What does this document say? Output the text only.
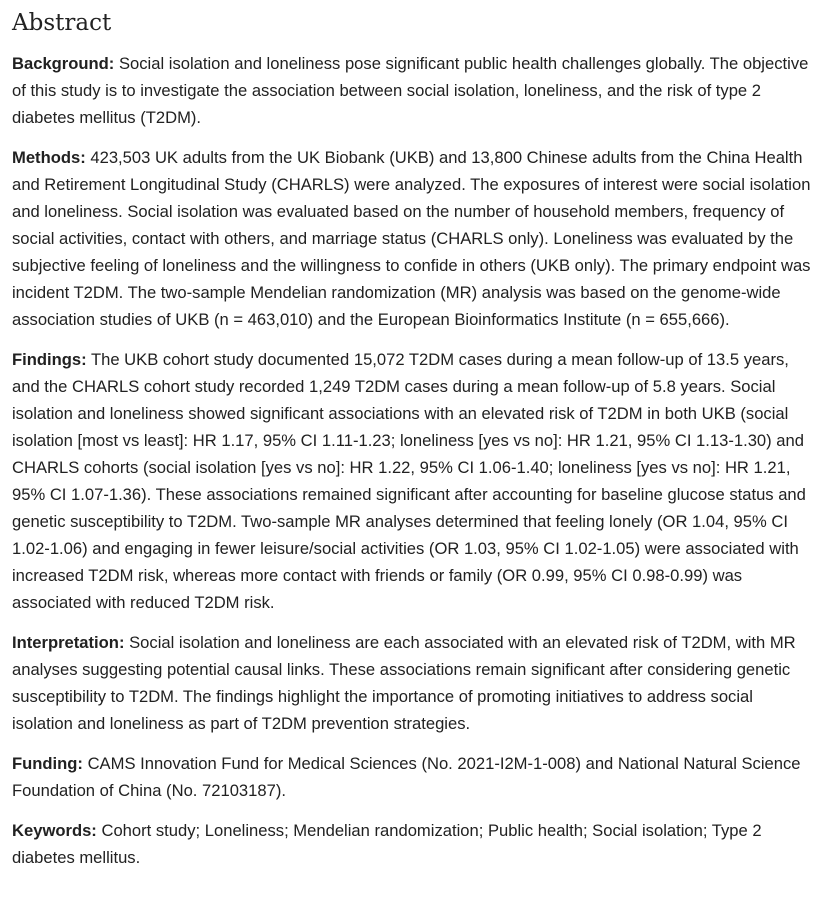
Abstract

Background: Social isolation and loneliness pose significant public health challenges globally. The objective of this study is to investigate the association between social isolation, loneliness, and the risk of type 2 diabetes mellitus (T2DM).

Methods: 423,503 UK adults from the UK Biobank (UKB) and 13,800 Chinese adults from the China Health and Retirement Longitudinal Study (CHARLS) were analyzed. The exposures of interest were social isolation and loneliness. Social isolation was evaluated based on the number of household members, frequency of social activities, contact with others, and marriage status (CHARLS only). Loneliness was evaluated by the subjective feeling of loneliness and the willingness to confide in others (UKB only). The primary endpoint was incident T2DM. The two-sample Mendelian randomization (MR) analysis was based on the genome-wide association studies of UKB (n = 463,010) and the European Bioinformatics Institute (n = 655,666).

Findings: The UKB cohort study documented 15,072 T2DM cases during a mean follow-up of 13.5 years, and the CHARLS cohort study recorded 1,249 T2DM cases during a mean follow-up of 5.8 years. Social isolation and loneliness showed significant associations with an elevated risk of T2DM in both UKB (social isolation [most vs least]: HR 1.17, 95% CI 1.11-1.23; loneliness [yes vs no]: HR 1.21, 95% CI 1.13-1.30) and CHARLS cohorts (social isolation [yes vs no]: HR 1.22, 95% CI 1.06-1.40; loneliness [yes vs no]: HR 1.21, 95% CI 1.07-1.36). These associations remained significant after accounting for baseline glucose status and genetic susceptibility to T2DM. Two-sample MR analyses determined that feeling lonely (OR 1.04, 95% CI 1.02-1.06) and engaging in fewer leisure/social activities (OR 1.03, 95% CI 1.02-1.05) were associated with increased T2DM risk, whereas more contact with friends or family (OR 0.99, 95% CI 0.98-0.99) was associated with reduced T2DM risk.

Interpretation: Social isolation and loneliness are each associated with an elevated risk of T2DM, with MR analyses suggesting potential causal links. These associations remain significant after considering genetic susceptibility to T2DM. The findings highlight the importance of promoting initiatives to address social isolation and loneliness as part of T2DM prevention strategies.

Funding: CAMS Innovation Fund for Medical Sciences (No. 2021-I2M-1-008) and National Natural Science Foundation of China (No. 72103187).

Keywords: Cohort study; Loneliness; Mendelian randomization; Public health; Social isolation; Type 2 diabetes mellitus.
